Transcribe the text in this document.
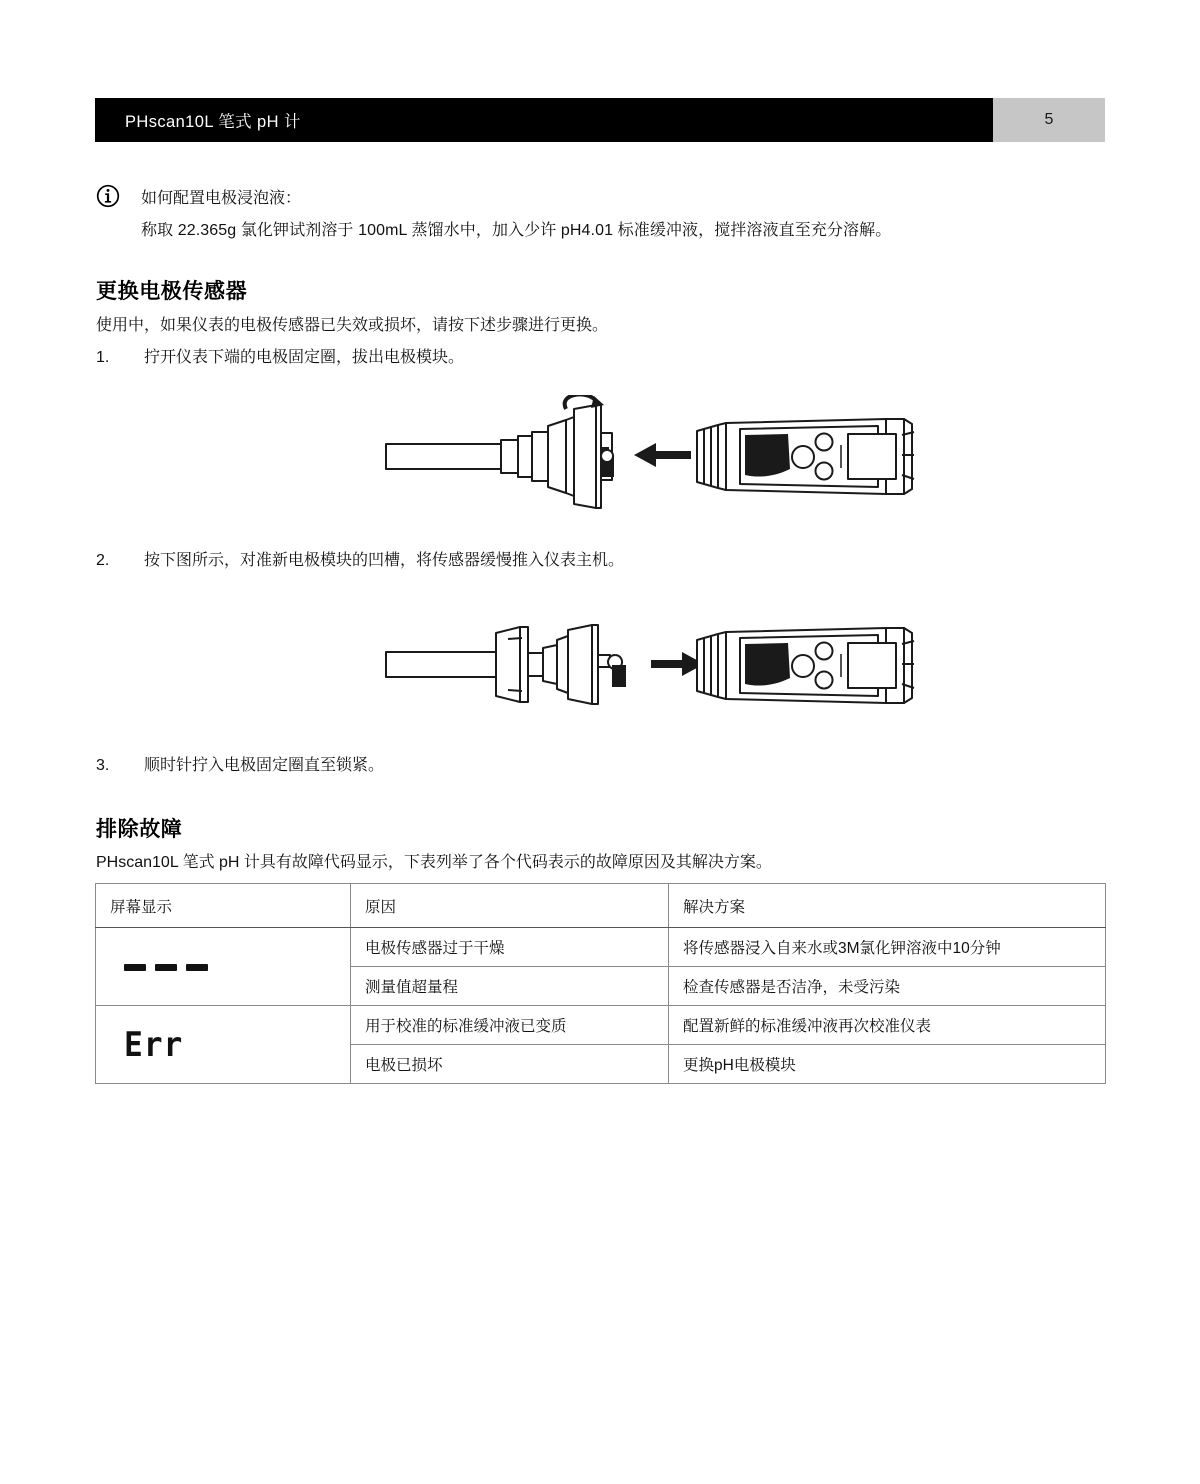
PHscan10L 笔式 pH 计	5
如何配置电极浸泡液：
称取 22.365g 氯化钾试剂溶于 100mL 蒸馏水中，加入少许 pH4.01 标准缓冲液，搅拌溶液直至充分溶解。
更换电极传感器
使用中，如果仪表的电极传感器已失效或损坏，请按下述步骤进行更换。
1.	拧开仪表下端的电极固定圈，拔出电极模块。
2.	按下图所示，对准新电极模块的凹槽，将传感器缓慢推入仪表主机。
3.	顺时针拧入电极固定圈直至锁紧。
排除故障
PHscan10L 笔式 pH 计具有故障代码显示，下表列举了各个代码表示的故障原因及其解决方案。
屏幕显示	原因	解决方案

	电极传感器过于干燥	将传感器浸入自来水或3M氯化钾溶液中10分钟
	测量值超量程	检查传感器是否洁净，未受污染
Err	用于校准的标准缓冲液已变质	配置新鲜的标准缓冲液再次校准仪表
	电极已损坏	更换pH电极模块
